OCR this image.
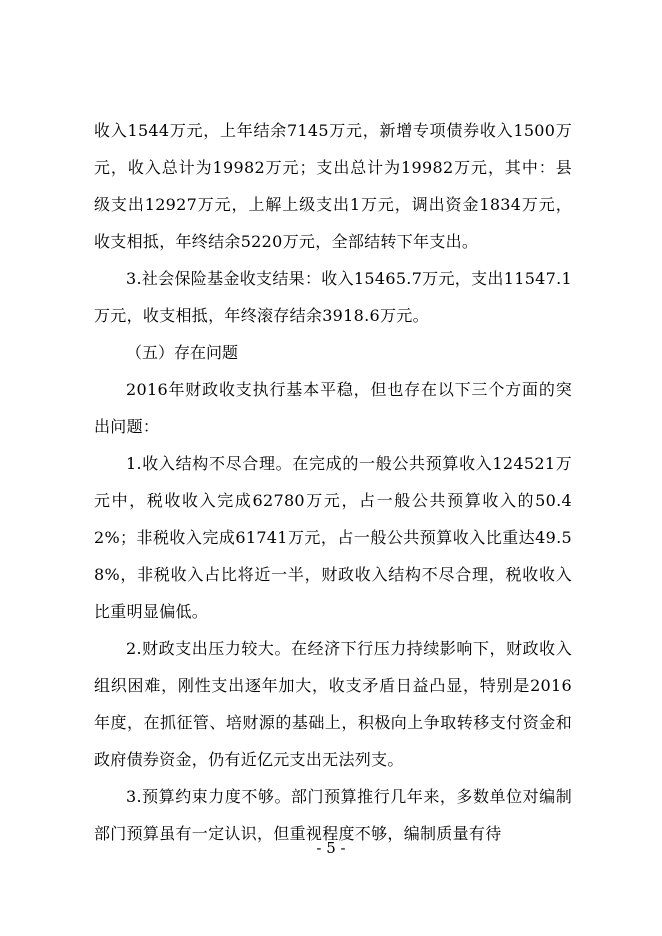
收入1544万元，上年结余7145万元，新增专项债券收入1500万元，收入总计为19982万元；支出总计为19982万元，其中：县级支出12927万元，上解上级支出1万元，调出资金1834万元，收支相抵，年终结余5220万元，全部结转下年支出。

3.社会保险基金收支结果：收入15465.7万元，支出11547.1万元，收支相抵，年终滚存结余3918.6万元。

（五）存在问题

2016年财政收支执行基本平稳，但也存在以下三个方面的突出问题：

1.收入结构不尽合理。在完成的一般公共预算收入124521万元中，税收收入完成62780万元，占一般公共预算收入的50.42%；非税收入完成61741万元，占一般公共预算收入比重达49.58%，非税收入占比将近一半，财政收入结构不尽合理，税收收入比重明显偏低。

2.财政支出压力较大。在经济下行压力持续影响下，财政收入组织困难，刚性支出逐年加大，收支矛盾日益凸显，特别是2016年度，在抓征管、培财源的基础上，积极向上争取转移支付资金和政府债券资金，仍有近亿元支出无法列支。

3.预算约束力度不够。部门预算推行几年来，多数单位对编制部门预算虽有一定认识，但重视程度不够，编制质量有待

- 5 -
